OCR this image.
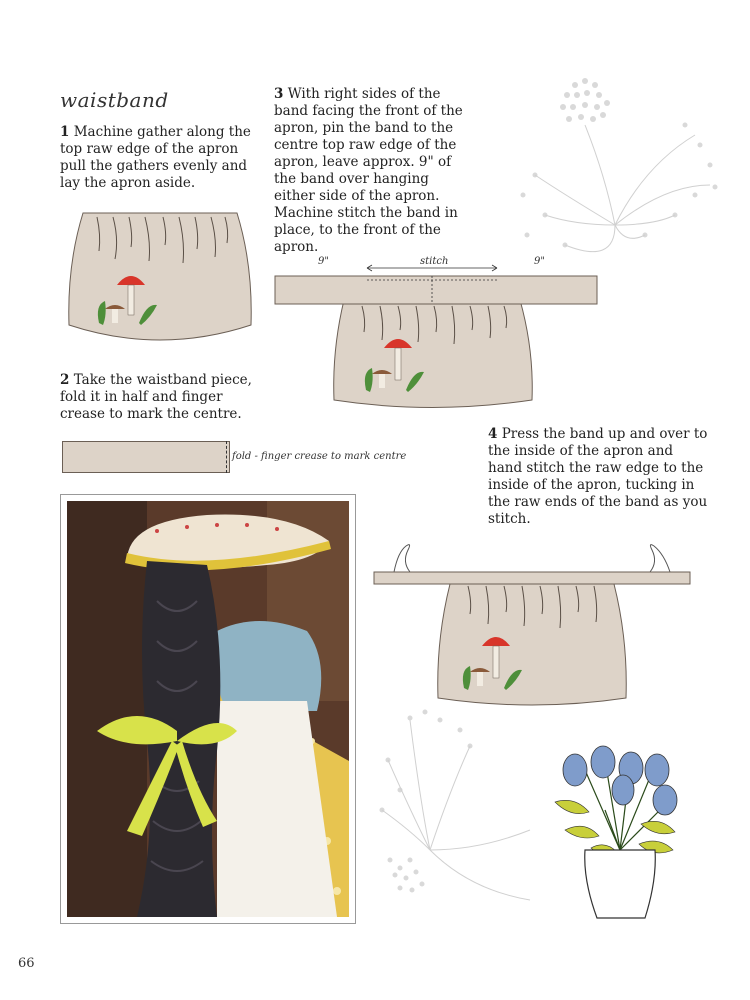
waistband
1 Machine gather along the top raw edge of the apron pull the gathers evenly and lay the apron aside.
2 Take the waistband piece, fold it in half and finger crease to mark the centre.
fold - finger crease to mark centre
3 With right sides of the band facing the front of the apron, pin the band to the centre top raw edge of the apron, leave approx. 9" of the band over hanging either side of the apron. Machine stitch the band in place, to the front of the apron.
9"	stitch	9"
4 Press the band up and over to the inside of the apron and hand stitch the raw edge to the inside of the apron, tucking in the raw ends of the band as you stitch.
66
